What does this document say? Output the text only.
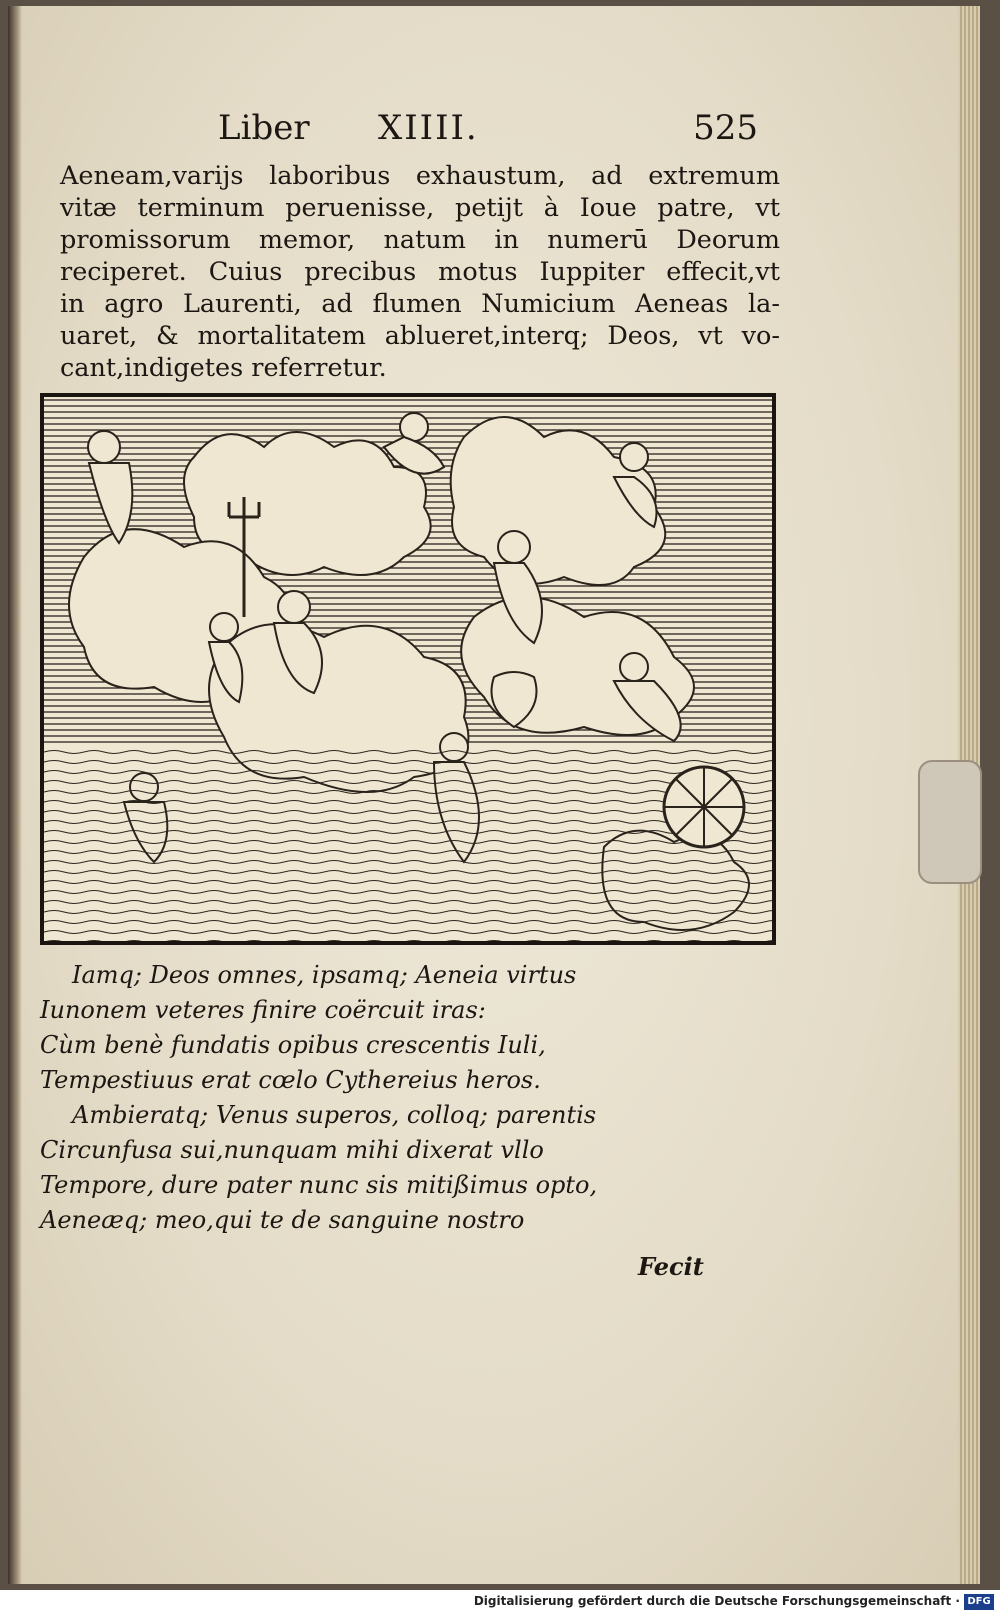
Liber XIIII.	525
Aeneam,varijs laboribus exhaustum, ad extremum
vitæ terminum peruenisse, petijt à Ioue patre, vt
promissorum memor, natum in numerū Deorum
reciperet. Cuius precibus motus Iuppiter effecit,vt
in agro Laurenti, ad flumen Numicium Aeneas la-
uaret, & mortalitatem ablueret,interq; Deos, vt vo-
cant,indigetes referretur.
Iamq; Deos omnes, ipsamq; Aeneia virtus
Iunonem veteres finire coërcuit iras:
Cùm benè fundatis opibus crescentis Iuli,
Tempestiuus erat cœlo Cythereius heros.
Ambieratq; Venus superos, colloq; parentis
Circunfusa sui,nunquam mihi dixerat vllo
Tempore, dure pater nunc sis mitißimus opto,
Aeneæq; meo,qui te de sanguine nostro
Fecit
Digitalisierung gefördert durch die Deutsche Forschungsgemeinschaft · DFG
